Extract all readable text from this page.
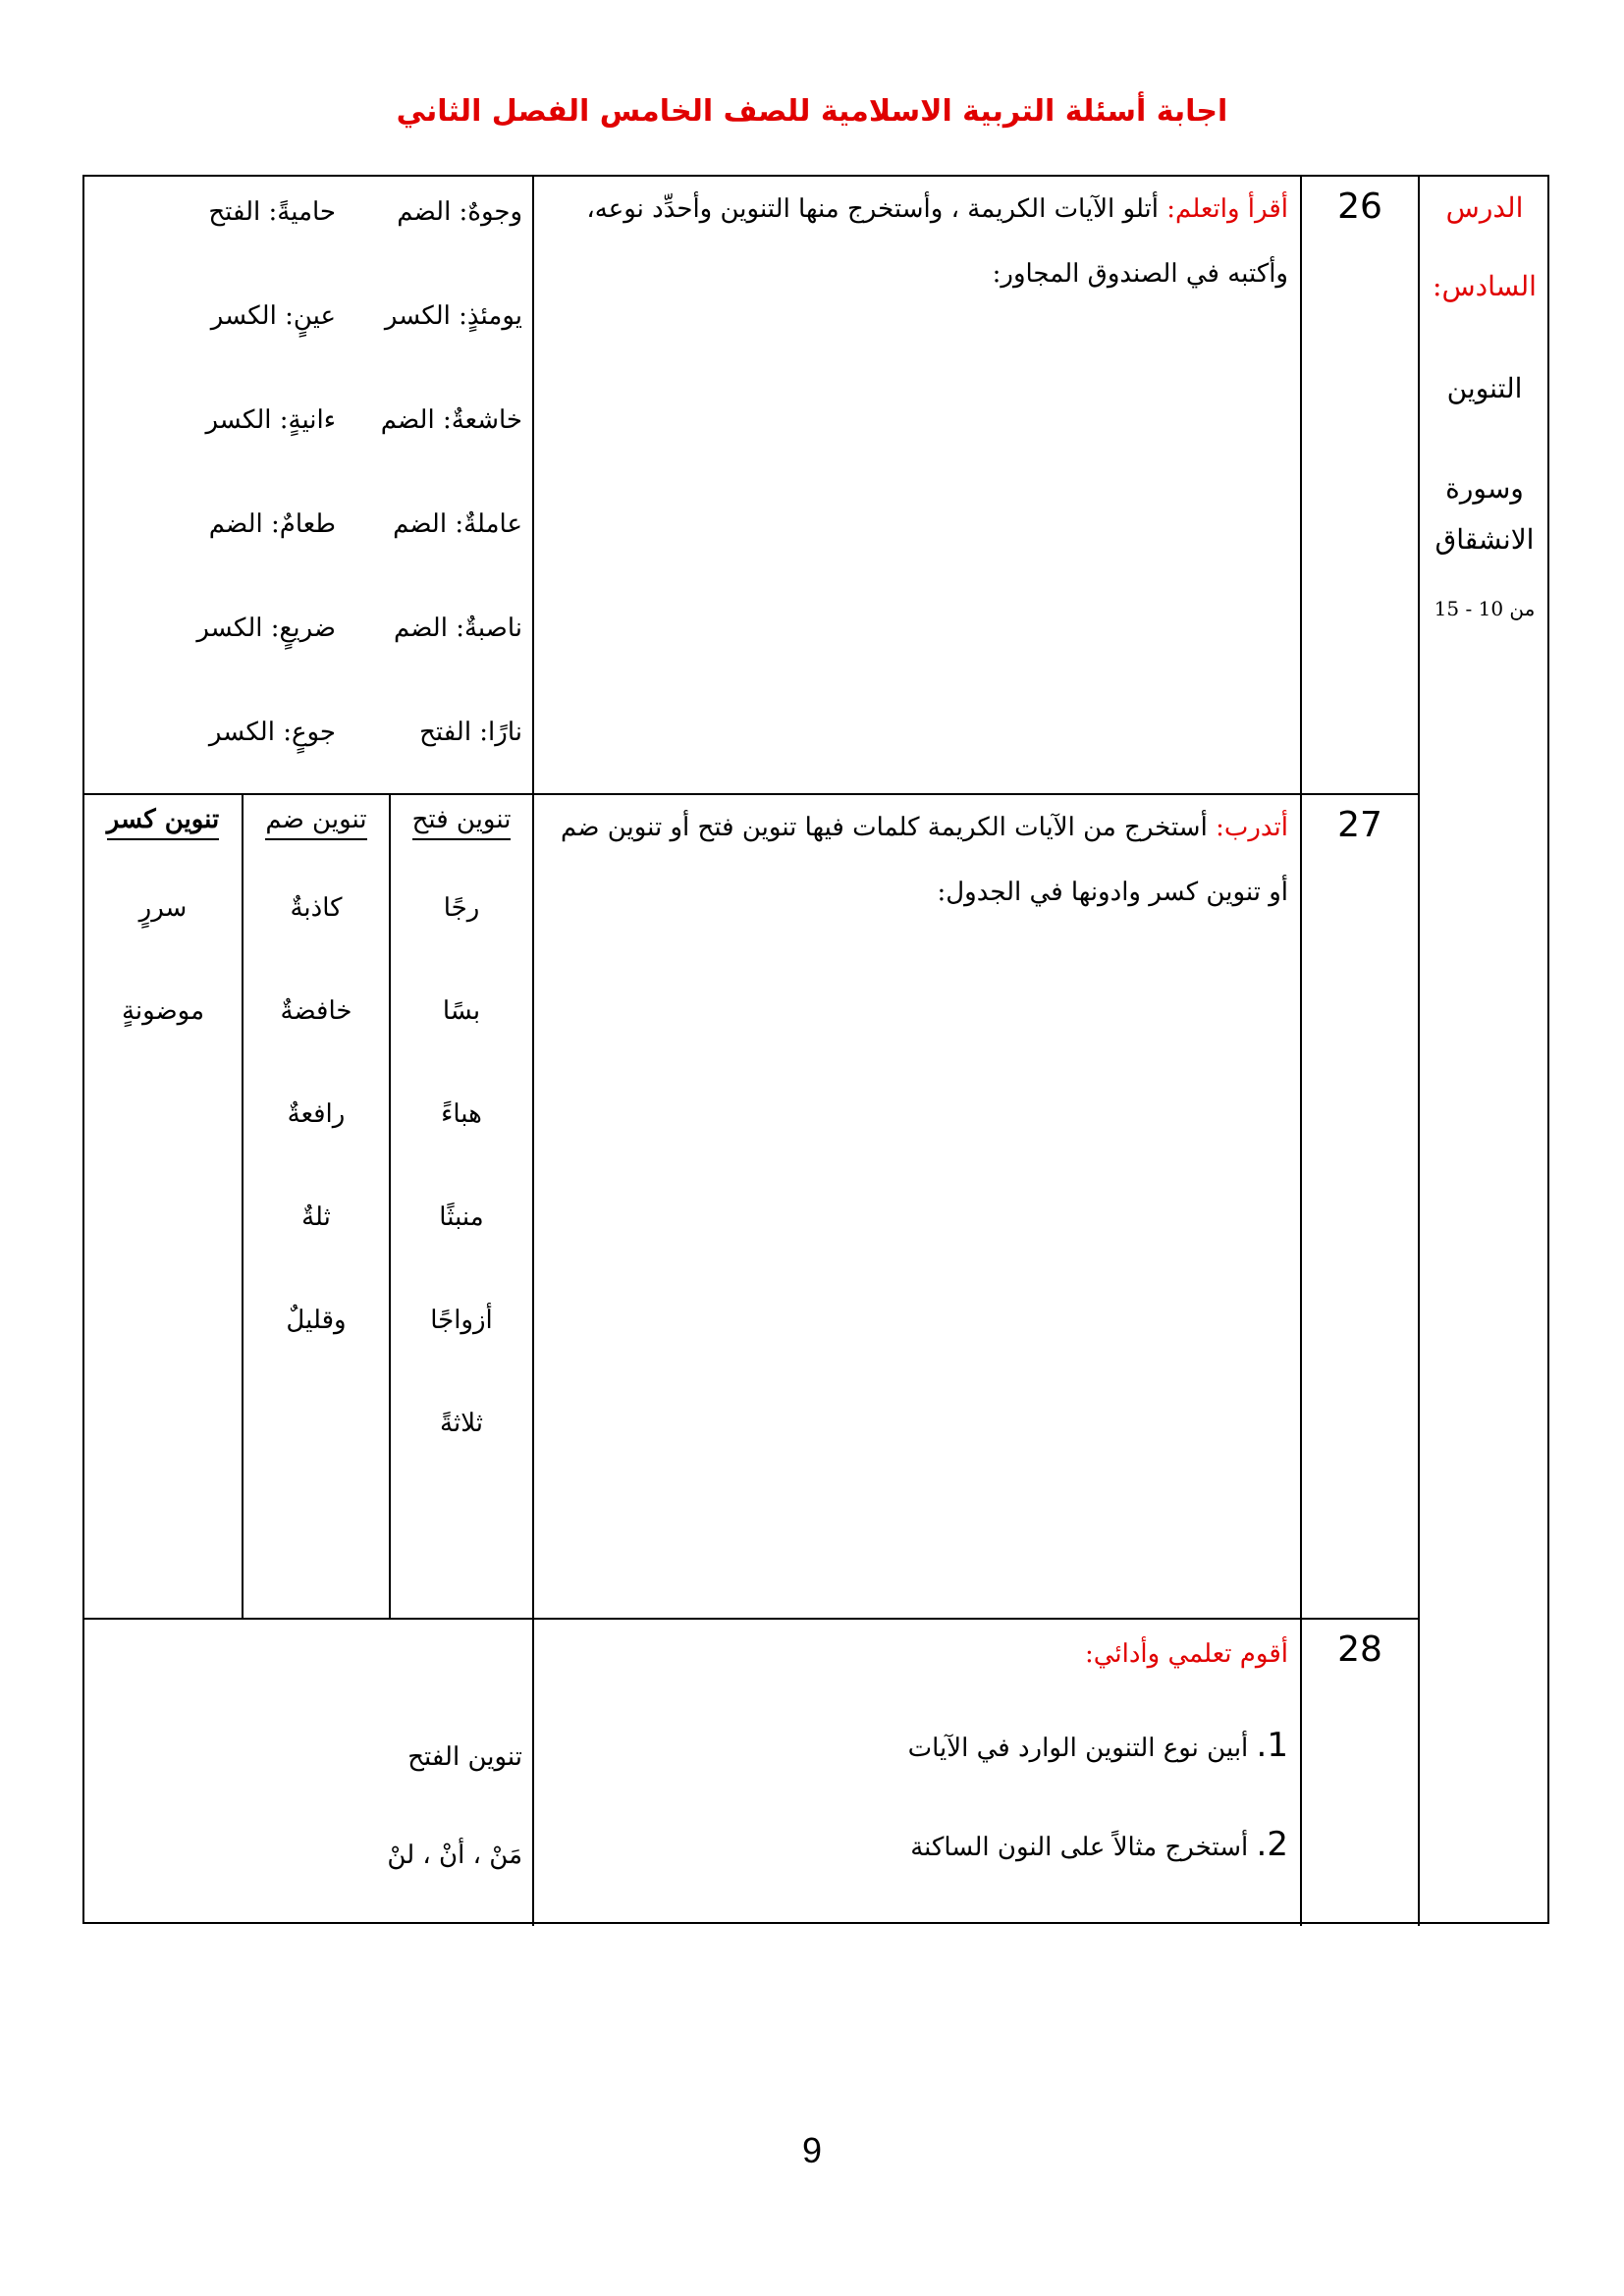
اجابة أسئلة التربية الاسلامية للصف الخامس الفصل الثاني
الدرس
السادس:
التنوين
وسورة
الانشقاق
من 10 - 15
26
أقرأ واتعلم: أتلو الآيات الكريمة ، وأستخرج منها التنوين وأحدِّد نوعه، وأكتبه في الصندوق المجاور:
وجوهٌ: الضمحاميةً: الفتح
يومئذٍ: الكسرعينٍ: الكسر
خاشعةٌ: الضمءانيةٍ: الكسر
عاملةٌ: الضمطعامٌ: الضم
ناصبةٌ: الضمضريعٍ: الكسر
نارًا: الفتحجوعٍ: الكسر
27
أتدرب: أستخرج من الآيات الكريمة كلمات فيها تنوين فتح أو تنوين ضم أو تنوين كسر وادونها في الجدول:
تنوين فتح
رجًا
بسًا
هباءً
منبثًا
أزواجًا
ثلاثةً
تنوين ضم
كاذبةٌ
خافضةٌ
رافعةٌ
ثلةٌ
وقليلٌ
تنوين كسر
سررٍ
موضونةٍ
28
أقوم تعلمي وأدائي:
1. أبين نوع التنوين الوارد في الآيات
2. أستخرج مثالاً على النون الساكنة
تنوين الفتح
مَنْ ، أنْ ، لنْ
9
